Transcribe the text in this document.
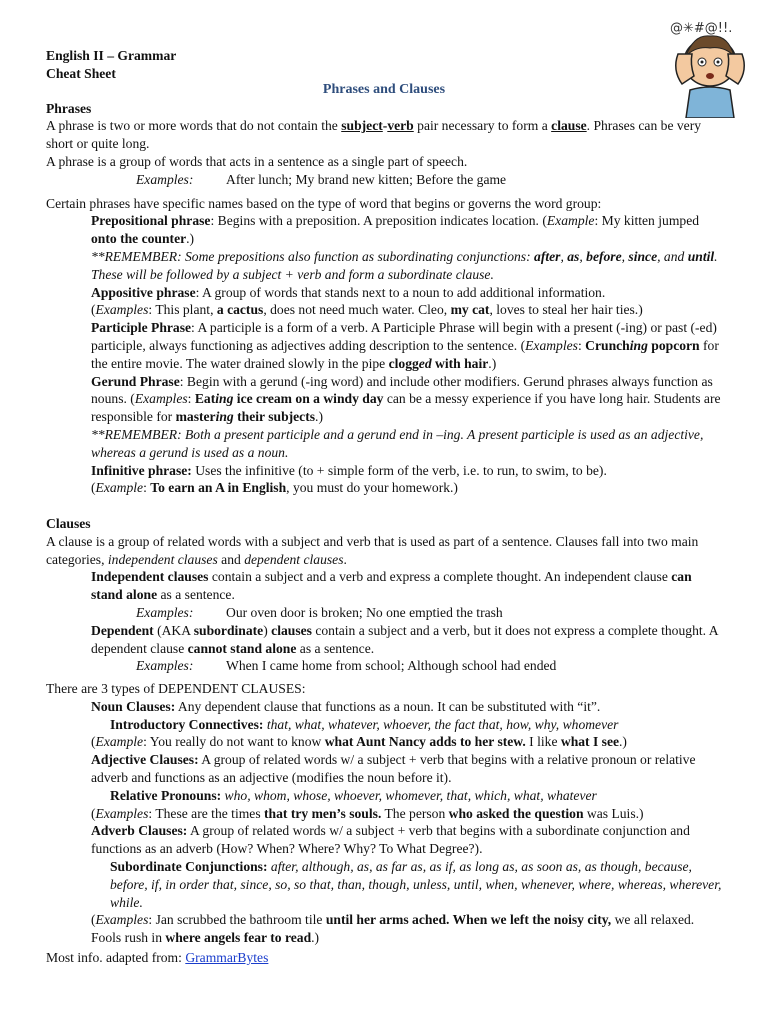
@✳#@!!.
Phrases and Clauses
English II – Grammar
Cheat Sheet
Phrases

A phrase is two or more words that do not contain the subject-verb pair necessary to form a clause. Phrases can be very short or quite long.

A phrase is a group of words that acts in a sentence as a single part of speech.

Examples: After lunch; My brand new kitten; Before the game

Certain phrases have specific names based on the type of word that begins or governs the word group:

Prepositional phrase: Begins with a preposition. A preposition indicates location. (Example: My kitten jumped onto the counter.)

**REMEMBER: Some prepositions also function as subordinating conjunctions: after, as, before, since, and until. These will be followed by a subject + verb and form a subordinate clause.

Appositive phrase: A group of words that stands next to a noun to add additional information.
(Examples: This plant, a cactus, does not need much water. Cleo, my cat, loves to steal her hair ties.)

Participle Phrase: A participle is a form of a verb. A Participle Phrase will begin with a present (-ing) or past (-ed) participle, always functioning as adjectives adding description to the sentence. (Examples: Crunching popcorn for the entire movie. The water drained slowly in the pipe clogged with hair.)

Gerund Phrase: Begin with a gerund (-ing word) and include other modifiers. Gerund phrases always function as nouns. (Examples: Eating ice cream on a windy day can be a messy experience if you have long hair. Students are responsible for mastering their subjects.)

**REMEMBER: Both a present participle and a gerund end in –ing. A present participle is used as an adjective, whereas a gerund is used as a noun.

Infinitive phrase: Uses the infinitive (to + simple form of the verb, i.e. to run, to swim, to be).
(Example: To earn an A in English, you must do your homework.)

Clauses

A clause is a group of related words with a subject and verb that is used as part of a sentence. Clauses fall into two main categories, independent clauses and dependent clauses.

Independent clauses contain a subject and a verb and express a complete thought. An independent clause can stand alone as a sentence.

Examples: Our oven door is broken; No one emptied the trash

Dependent (AKA subordinate) clauses contain a subject and a verb, but it does not express a complete thought. A dependent clause cannot stand alone as a sentence.

Examples: When I came home from school; Although school had ended

There are 3 types of DEPENDENT CLAUSES:

Noun Clauses: Any dependent clause that functions as a noun. It can be substituted with “it”.

Introductory Connectives: that, what, whatever, whoever, the fact that, how, why, whomever

(Example: You really do not want to know what Aunt Nancy adds to her stew. I like what I see.)

Adjective Clauses: A group of related words w/ a subject + verb that begins with a relative pronoun or relative adverb and functions as an adjective (modifies the noun before it).

Relative Pronouns: who, whom, whose, whoever, whomever, that, which, what, whatever

(Examples: These are the times that try men’s souls. The person who asked the question was Luis.)

Adverb Clauses: A group of related words w/ a subject + verb that begins with a subordinate conjunction and functions as an adverb (How? When? Where? Why? To What Degree?).

Subordinate Conjunctions: after, although, as, as far as, as if, as long as, as soon as, as though, because, before, if, in order that, since, so, so that, than, though, unless, until, when, whenever, where, whereas, wherever, while.

(Examples: Jan scrubbed the bathroom tile until her arms ached. When we left the noisy city, we all relaxed. Fools rush in where angels fear to read.)

Most info. adapted from: GrammarBytes
